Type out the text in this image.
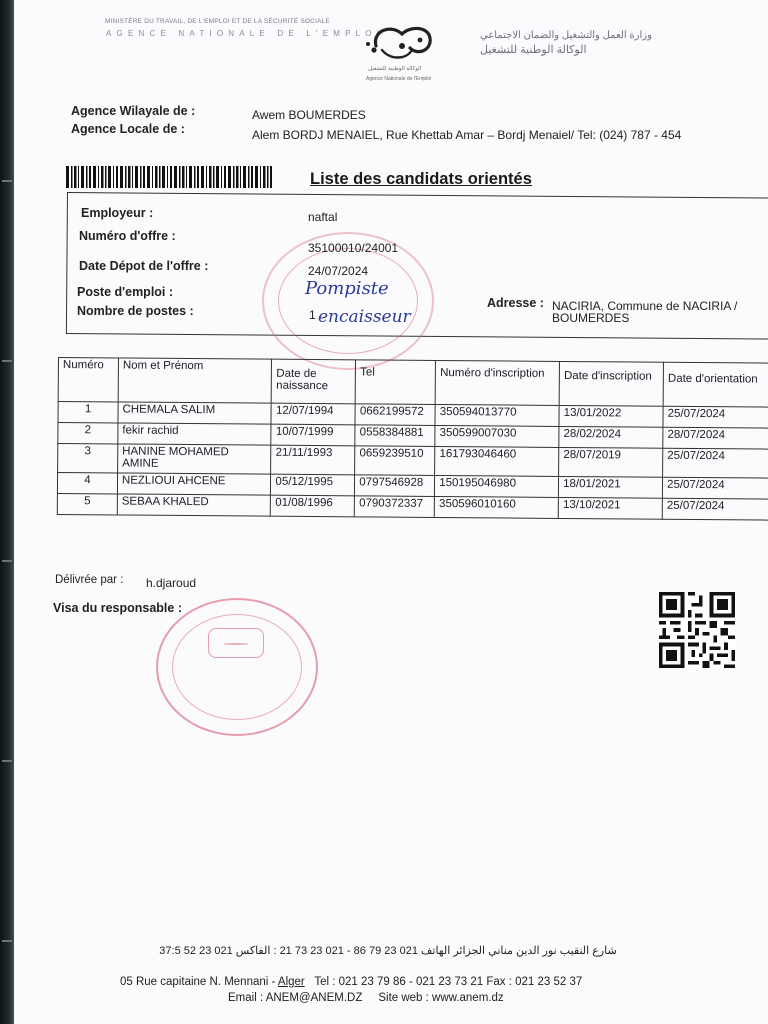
MINISTÈRE DU TRAVAIL, DE L'EMPLOI ET DE LA SÉCURITÉ SOCIALE
AGENCE NATIONALE DE L'EMPLOI	وزارة العمل والتشغيل والضمان الاجتماعي
الوكالة الوطنية للتشغيل
الوكالة الوطنية للتشغيل
Agence Nationale de l'Emploi
Agence Wilayale de :	Awem BOUMERDES
Agence Locale de :	Alem BORDJ MENAIEL, Rue Khettab Amar – Bordj Menaiel/ Tel: (024) 787 - 454
Liste des candidats orientés
Employeur :	naftal
Numéro d'offre :
35100010/24001
Date Dépot de l'offre :	24/07/2024
Poste d'emploi :	Pompiste
Nombre de postes :	1 encaisseur
Adresse : NACIRIA, Commune de NACIRIA /
BOUMERDES
Numéro	Nom et Prénom	Date de naissance	Tel	Numéro d'inscription	Date d'inscription	Date d'orientation
1	CHEMALA SALIM	12/07/1994	0662199572	350594013770	13/01/2022	25/07/2024
2	fekir rachid	10/07/1999	0558384881	350599007030	28/02/2024	28/07/2024
3	HANINE MOHAMED AMINE	21/11/1993	0659239510	161793046460	28/07/2019	25/07/2024
4	NEZLIOUI AHCENE	05/12/1995	0797546928	150195046980	18/01/2021	25/07/2024
5	SEBAA KHALED	01/08/1996	0790372337	350596010160	13/10/2021	25/07/2024
Délivrée par : h.djaroud
Visa du responsable :
شارع النقيب نور الدين مناني الجزائر الهاتف 021 23 79 86 - 021 23 73 21 : الفاكس 021 23 52 37:5
05 Rue capitaine N. Mennani - Alger Tel : 021 23 79 86 - 021 23 73 21 Fax : 021 23 52 37
Email : ANEM@ANEM.DZ Site web : www.anem.dz
